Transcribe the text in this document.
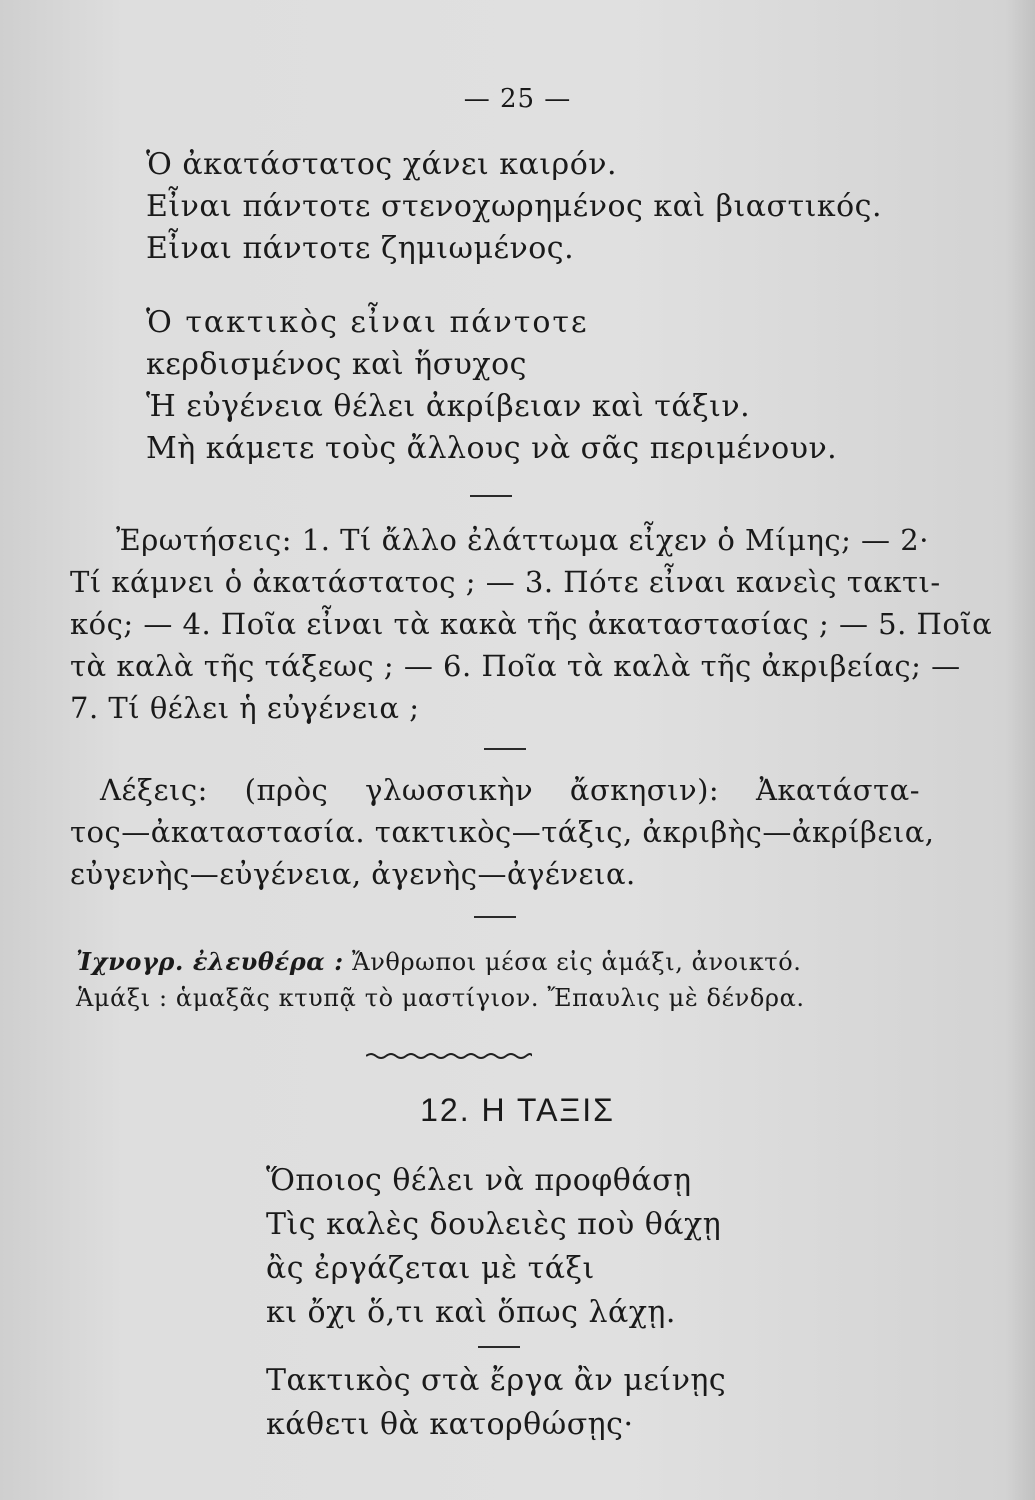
— 25 —
Ὁ ἀκατάστατος χάνει καιρόν.
Εἶναι πάντοτε στενοχωρημένος καὶ βιαστικός.
Εἶναι πάντοτε ζημιωμένος.
Ὁ τακτικὸς εἶναι πάντοτε
κερδισμένος καὶ ἥσυχος
Ἡ εὐγένεια θέλει ἀκρίβειαν καὶ τάξιν.
Μὴ κάμετε τοὺς ἄλλους νὰ σᾶς περιμένουν.
Ἐρωτήσεις: 1. Τί ἄλλο ἐλάττωμα εἶχεν ὁ Μίμης; — 2·
Τί κάμνει ὁ ἀκατάστατος ; — 3. Πότε εἶναι κανεὶς τακτι-
κός; — 4. Ποῖα εἶναι τὰ κακὰ τῆς ἀκαταστασίας ; — 5. Ποῖα
τὰ καλὰ τῆς τάξεως ; — 6. Ποῖα τὰ καλὰ τῆς ἀκριβείας; —
7. Τί θέλει ἡ εὐγένεια ;
Λέξεις: (πρὸς γλωσσικὴν ἄσκησιν): Ἀκατάστα-
τος—ἀκαταστασία. τακτικὸς—τάξις, ἀκριβὴς—ἀκρίβεια,
εὐγενὴς—εὐγένεια, ἀγενὴς—ἀγένεια.
Ἰχνογρ. ἐλευθέρα : Ἄνθρωποι μέσα εἰς ἁμάξι, ἀνοικτό.
Ἁμάξι : ἁμαξᾶς κτυπᾷ τὸ μαστίγιον. Ἔπαυλις μὲ δένδρα.
12. Η ΤΑΞΙΣ
Ὅποιος θέλει νὰ προφθάσῃ
Τὶς καλὲς δουλειὲς ποὺ θάχῃ
ἂς ἐργάζεται μὲ τάξι
κι ὄχι ὅ,τι καὶ ὅπως λάχῃ.
Τακτικὸς στὰ ἔργα ἂν μείνῃς
κάθετι θὰ κατορθώσῃς·
